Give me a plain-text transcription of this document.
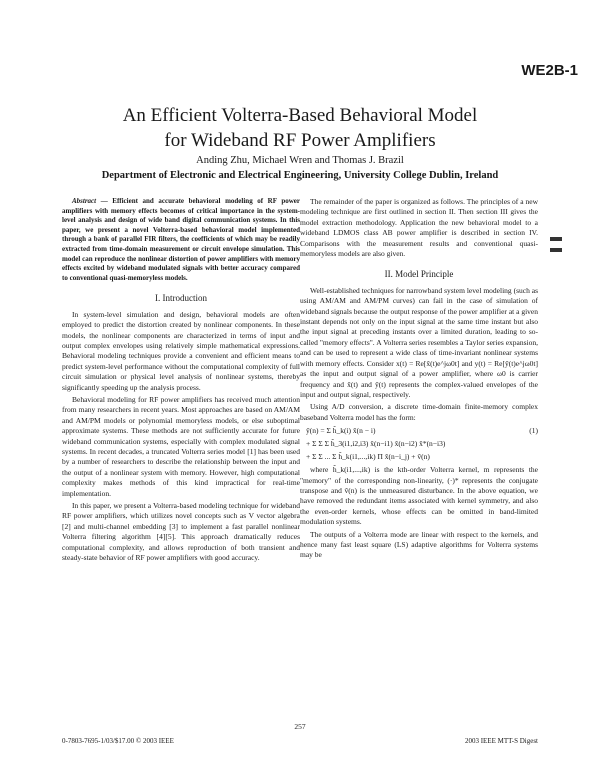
WE2B-1
An Efficient Volterra-Based Behavioral Model
for Wideband RF Power Amplifiers
Anding Zhu, Michael Wren and Thomas J. Brazil
Department of Electronic and Electrical Engineering, University College Dublin, Ireland

Abstract — Efficient and accurate behavioral modeling of RF power amplifiers with memory effects becomes of critical importance in the system-level analysis and design of wide band digital communication systems. In this paper, we present a novel Volterra-based behavioral model implemented through a bank of parallel FIR filters, the coefficients of which may be readily extracted from time-domain measurement or circuit envelope simulation. This model can reproduce the nonlinear distortion of power amplifiers with memory effects excited by wideband modulated signals with better accuracy compared to conventional quasi-memoryless models.

I. Introduction

In system-level simulation and design, behavioral models are often employed to predict the distortion created by nonlinear components. In these models, the nonlinear components are characterized in terms of input and output complex envelopes using relatively simple mathematical expressions. Behavioral modeling techniques provide a convenient and efficient means to predict system-level performance without the computational complexity of full circuit simulation or physical level analysis of nonlinear systems, thereby significantly speeding up the analysis process.

Behavioral modeling for RF power amplifiers has received much attention from many researchers in recent years. Most approaches are based on AM/AM and AM/PM models or polynomial memoryless models, or else suboptimal approximate systems. These methods are not sufficiently accurate for future wideband communication systems, especially with complex modulated signal systems. In recent decades, a truncated Volterra series model [1] has been used by a number of researchers to describe the relationship between the input and the output of a nonlinear system with memory. However, high computational complexity makes methods of this kind impractical for real-time implementation.

In this paper, we present a Volterra-based modeling technique for wideband RF power amplifiers, which utilizes novel concepts such as V vector algebra [2] and multi-channel embedding [3] to implement a fast parallel nonlinear Volterra filtering algorithm [4][5]. This approach dramatically reduces computational complexity, and allows reproduction of both transient and steady-state behavior of RF power amplifiers with good accuracy.

The remainder of the paper is organized as follows. The principles of a new modeling technique are first outlined in section II. Then section III gives the model extraction methodology. Application the new behavioral model to a wideband LDMOS class AB power amplifier is described in section IV. Comparisons with the measurement results and conventional quasi-memoryless models are also given.

II. Model Principle

Well-established techniques for narrowband system level modeling (such as using AM/AM and AM/PM curves) can fail in the case of simulation of wideband signals because the output response of the power amplifier at a given instant depends not only on the input signal at the same time instant but also the input signal at preceding instants over a limited duration, leading to so-called "memory effects". A Volterra series resembles a Taylor series expansion, and can be used to represent a wide class of time-invariant nonlinear systems with memory effects. Consider x(t) = Re[x̃(t)e^jω0t] and y(t) = Re[ỹ(t)e^jω0t] as the input and output signal of a power amplifier, where ω0 is carrier frequency and x̃(t) and ỹ(t) represents the complex-valued envelopes of the input and output signal, respectively.

Using A/D conversion, a discrete time-domain finite-memory complex baseband Volterra model has the form:

ỹ(n) = Σ h̃_k(i) x̃(n − i)	(1)
+ Σ Σ Σ h̃_3(i1,i2,i3) x̃(n−i1) x̃(n−i2) x̃*(n−i3)
+ Σ Σ ... Σ h̃_k(i1,...,ik) Π x̃(n−i_j) + ṽ(n)

where h̃_k(i1,...,ik) is the kth-order Volterra kernel, m represents the "memory" of the corresponding non-linearity, (·)* represents the conjugate transpose and ṽ(n) is the unmeasured disturbance. In the above equation, we have removed the redundant items associated with kernel symmetry, and also the even-order kernels, whose effects can be omitted in band-limited modulation systems.

The outputs of a Volterra mode are linear with respect to the kernels, and hence many fast least square (LS) adaptive algorithms for Volterra systems may be

257
0-7803-7695-1/03/$17.00 © 2003 IEEE	2003 IEEE MTT-S Digest
